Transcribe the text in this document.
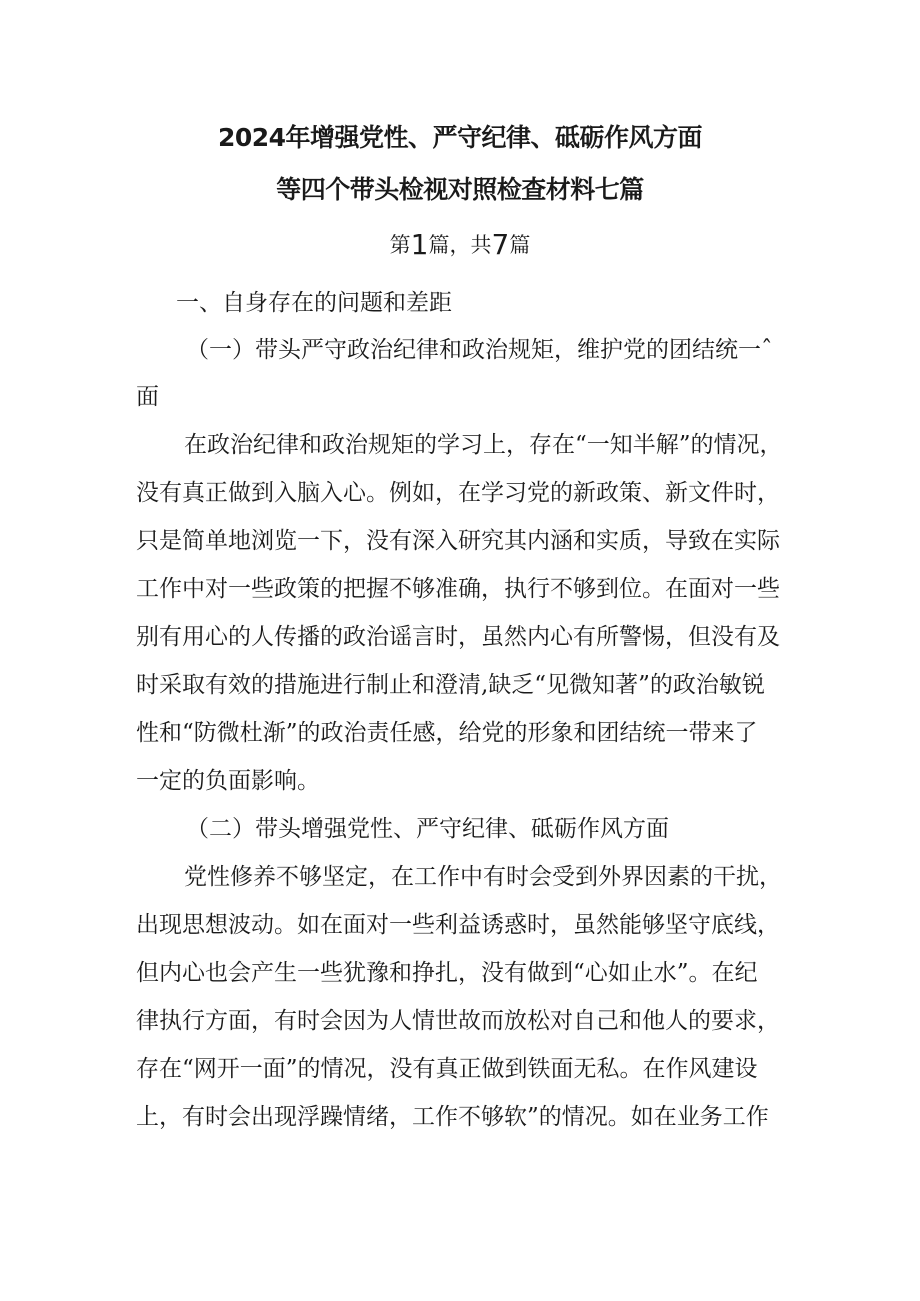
2024年增强党性、严守纪律、砥砺作风方面
等四个带头检视对照检查材料七篇
第1篇，共7篇
一、自身存在的问题和差距
（一）带头严守政治纪律和政治规矩，维护党的团结统一ˆ
面
在政治纪律和政治规矩的学习上，存在“一知半解”的情况，
没有真正做到入脑入心。例如，在学习党的新政策、新文件时，
只是简单地浏览一下，没有深入研究其内涵和实质，导致在实际
工作中对一些政策的把握不够准确，执行不够到位。在面对一些
别有用心的人传播的政治谣言时，虽然内心有所警惕，但没有及
时采取有效的措施进行制止和澄清,缺乏“见微知著”的政治敏锐
性和“防微杜渐”的政治责任感，给党的形象和团结统一带来了
一定的负面影响。
（二）带头增强党性、严守纪律、砥砺作风方面
党性修养不够坚定，在工作中有时会受到外界因素的干扰，
出现思想波动。如在面对一些利益诱惑时，虽然能够坚守底线，
但内心也会产生一些犹豫和挣扎，没有做到“心如止水”。在纪
律执行方面，有时会因为人情世故而放松对自己和他人的要求，
存在“网开一面”的情况，没有真正做到铁面无私。在作风建设
上，有时会出现浮躁情绪，工作不够软”的情况。如在业务工作
